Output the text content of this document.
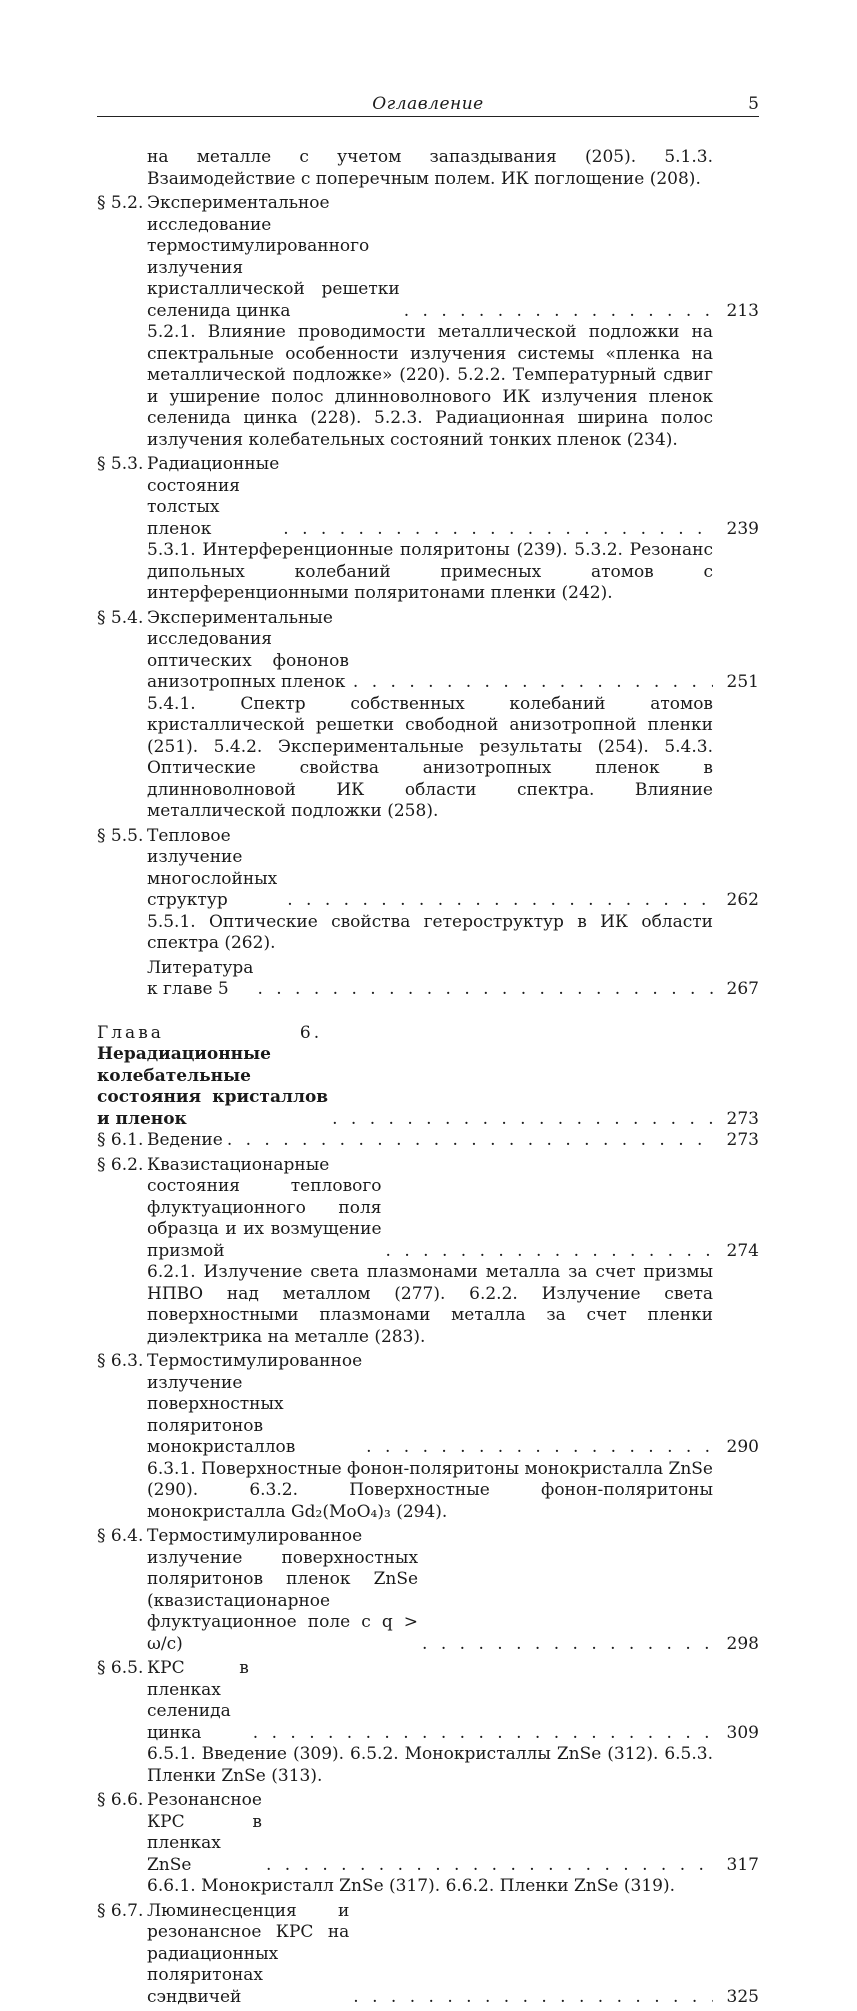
Оглавление	5
на металле с учетом запаздывания (205). 5.1.3. Взаимодействие с поперечным полем. ИК поглощение (208).
§ 5.2. Экспериментальное исследование термостимулированного излучения кристаллической решетки селенида цинка . . .	213
5.2.1. Влияние проводимости металлической подложки на спектральные особенности излучения системы «пленка на металлической подложке» (220). 5.2.2. Температурный сдвиг и уширение полос длинноволнового ИК излучения пленок селенида цинка (228). 5.2.3. Радиационная ширина полос излучения колебательных состояний тонких пленок (234).
§ 5.3. Радиационные состояния толстых пленок . . .	239
5.3.1. Интерференционные поляритоны (239). 5.3.2. Резонанс дипольных колебаний примесных атомов с интерференционными поляритонами пленки (242).
§ 5.4. Экспериментальные исследования оптических фононов анизотропных пленок . . .	251
5.4.1. Спектр собственных колебаний атомов кристаллической решетки свободной анизотропной пленки (251). 5.4.2. Экспериментальные результаты (254). 5.4.3. Оптические свойства анизотропных пленок в длинноволновой ИК области спектра. Влияние металлической подложки (258).
§ 5.5. Тепловое излучение многослойных структур . . .	262
5.5.1. Оптические свойства гетероструктур в ИК области спектра (262).
Литература к главе 5 . . .	267
Глава 6. Нерадиационные колебательные состояния кристаллов и пленок . . .	273
§ 6.1. Ведение . . .	273
§ 6.2. Квазистационарные состояния теплового флуктуационного поля образца и их возмущение призмой . . .	274
6.2.1. Излучение света плазмонами металла за счет призмы НПВО над металлом (277). 6.2.2. Излучение света поверхностными плазмонами металла за счет пленки диэлектрика на металле (283).
§ 6.3. Термостимулированное излучение поверхностных поляритонов монокристаллов . . .	290
6.3.1. Поверхностные фонон-поляритоны монокристалла ZnSe (290). 6.3.2. Поверхностные фонон-поляритоны монокристалла Gd₂(MoO₄)₃ (294).
§ 6.4. Термостимулированное излучение поверхностных поляритонов пленок ZnSe (квазистационарное флуктуационное поле с q > ω/c) . . .	298
§ 6.5. КРС в пленках селенида цинка . . .	309
6.5.1. Введение (309). 6.5.2. Монокристаллы ZnSe (312). 6.5.3. Пленки ZnSe (313).
§ 6.6. Резонансное КРС в пленках ZnSe . . .	317
6.6.1. Монокристалл ZnSe (317). 6.6.2. Пленки ZnSe (319).
§ 6.7. Люминесценция и резонансное КРС на радиационных поляритонах сэндвичей . . .	325
